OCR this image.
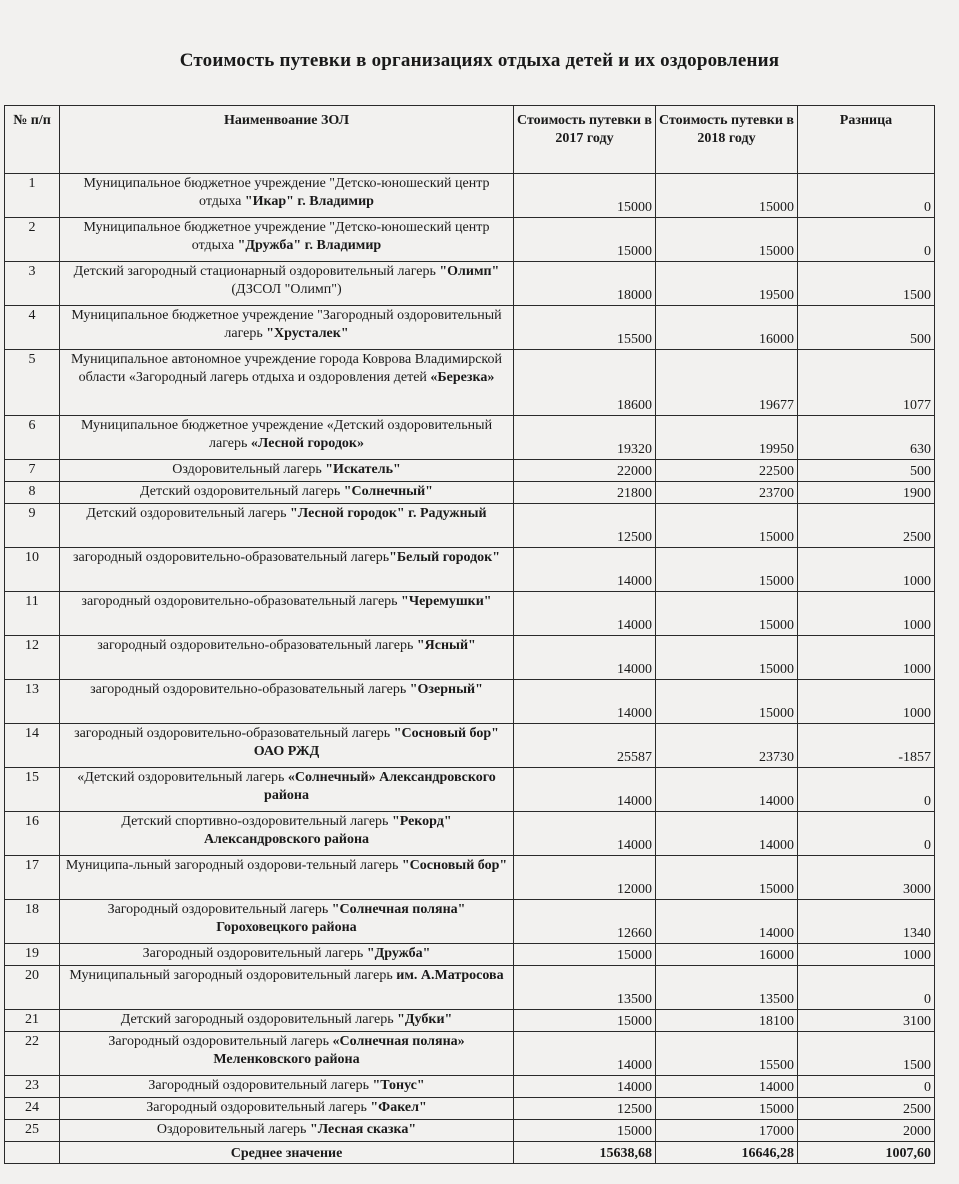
Стоимость путевки в организациях отдыха детей и их оздоровления
№ п/п	Наименвоание ЗОЛ	Стоимость путевки в 2017 году	Стоимость путевки в 2018 году	Разница
1	Муниципальное бюджетное учреждение "Детско-юношеский центр отдыха "Икар" г. Владимир	15000	15000	0
2	Муниципальное бюджетное учреждение "Детско-юношеский центр отдыха "Дружба" г. Владимир	15000	15000	0
3	Детский загородный стационарный оздоровительный лагерь "Олимп" (ДЗСОЛ "Олимп")	18000	19500	1500
4	Муниципальное бюджетное учреждение "Загородный оздоровительный лагерь "Хрусталек"	15500	16000	500
5	Муниципальное автономное учреждение города Коврова Владимирской области «Загородный лагерь отдыха и оздоровления детей «Березка»	18600	19677	1077
6	Муниципальное бюджетное учреждение «Детский оздоровительный лагерь «Лесной городок»	19320	19950	630
7	Оздоровительный лагерь "Искатель"	22000	22500	500
8	Детский оздоровительный лагерь "Солнечный"	21800	23700	1900
9	Детский оздоровительный лагерь "Лесной городок" г. Радужный	12500	15000	2500
10	загородный оздоровительно-образовательный лагерь"Белый городок"	14000	15000	1000
11	загородный оздоровительно-образовательный лагерь "Черемушки"	14000	15000	1000
12	загородный оздоровительно-образовательный лагерь "Ясный"	14000	15000	1000
13	загородный оздоровительно-образовательный лагерь "Озерный"	14000	15000	1000
14	загородный оздоровительно-образовательный лагерь "Сосновый бор" ОАО РЖД	25587	23730	-1857
15	«Детский оздоровительный лагерь «Солнечный» Александровского района	14000	14000	0
16	Детский спортивно-оздоровительный лагерь "Рекорд" Александровского района	14000	14000	0
17	Муниципа-льный загородный оздорови-тельный лагерь "Сосновый бор"	12000	15000	3000
18	Загородный оздоровительный лагерь "Солнечная поляна" Гороховецкого района	12660	14000	1340
19	Загородный оздоровительный лагерь "Дружба"	15000	16000	1000
20	Муниципальный загородный оздоровительный лагерь им. А.Матросова	13500	13500	0
21	Детский загородный оздоровительный лагерь "Дубки"	15000	18100	3100
22	Загородный оздоровительный лагерь «Солнечная поляна» Меленковского района	14000	15500	1500
23	Загородный оздоровительный лагерь "Тонус"	14000	14000	0
24	Загородный оздоровительный лагерь "Факел"	12500	15000	2500
25	Оздоровительный лагерь "Лесная сказка"	15000	17000	2000
	Среднее значение	15638,68	16646,28	1007,60
